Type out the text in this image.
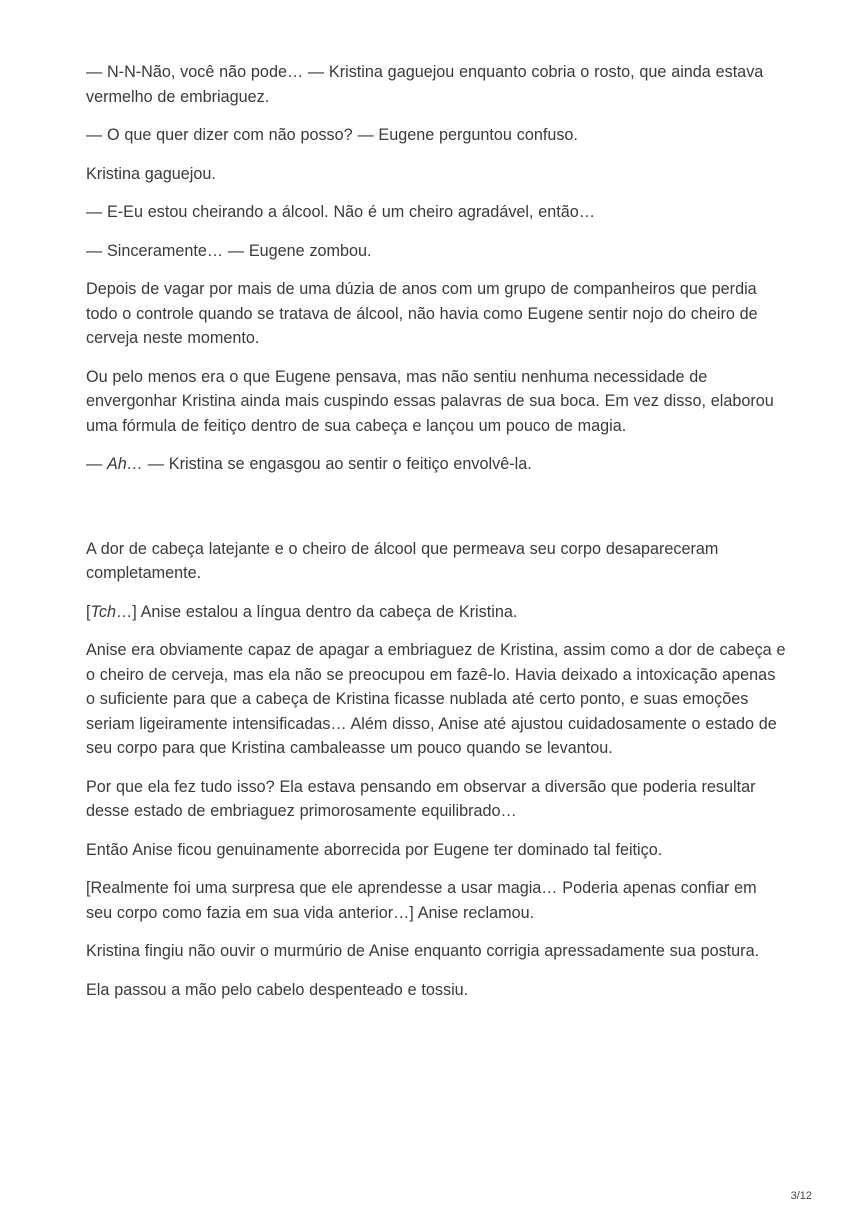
— N-N-Não, você não pode… — Kristina gaguejou enquanto cobria o rosto, que ainda estava vermelho de embriaguez.

— O que quer dizer com não posso? — Eugene perguntou confuso.

Kristina gaguejou.

— E-Eu estou cheirando a álcool. Não é um cheiro agradável, então…

— Sinceramente… — Eugene zombou.

Depois de vagar por mais de uma dúzia de anos com um grupo de companheiros que perdia todo o controle quando se tratava de álcool, não havia como Eugene sentir nojo do cheiro de cerveja neste momento.

Ou pelo menos era o que Eugene pensava, mas não sentiu nenhuma necessidade de envergonhar Kristina ainda mais cuspindo essas palavras de sua boca. Em vez disso, elaborou uma fórmula de feitiço dentro de sua cabeça e lançou um pouco de magia.

— Ah… — Kristina se engasgou ao sentir o feitiço envolvê-la.

A dor de cabeça latejante e o cheiro de álcool que permeava seu corpo desapareceram completamente.

[Tch…] Anise estalou a língua dentro da cabeça de Kristina.

Anise era obviamente capaz de apagar a embriaguez de Kristina, assim como a dor de cabeça e o cheiro de cerveja, mas ela não se preocupou em fazê-lo. Havia deixado a intoxicação apenas o suficiente para que a cabeça de Kristina ficasse nublada até certo ponto, e suas emoções seriam ligeiramente intensificadas… Além disso, Anise até ajustou cuidadosamente o estado de seu corpo para que Kristina cambaleasse um pouco quando se levantou.

Por que ela fez tudo isso? Ela estava pensando em observar a diversão que poderia resultar desse estado de embriaguez primorosamente equilibrado…

Então Anise ficou genuinamente aborrecida por Eugene ter dominado tal feitiço.

[Realmente foi uma surpresa que ele aprendesse a usar magia… Poderia apenas confiar em seu corpo como fazia em sua vida anterior…] Anise reclamou.

Kristina fingiu não ouvir o murmúrio de Anise enquanto corrigia apressadamente sua postura.

Ela passou a mão pelo cabelo despenteado e tossiu.

3/12
